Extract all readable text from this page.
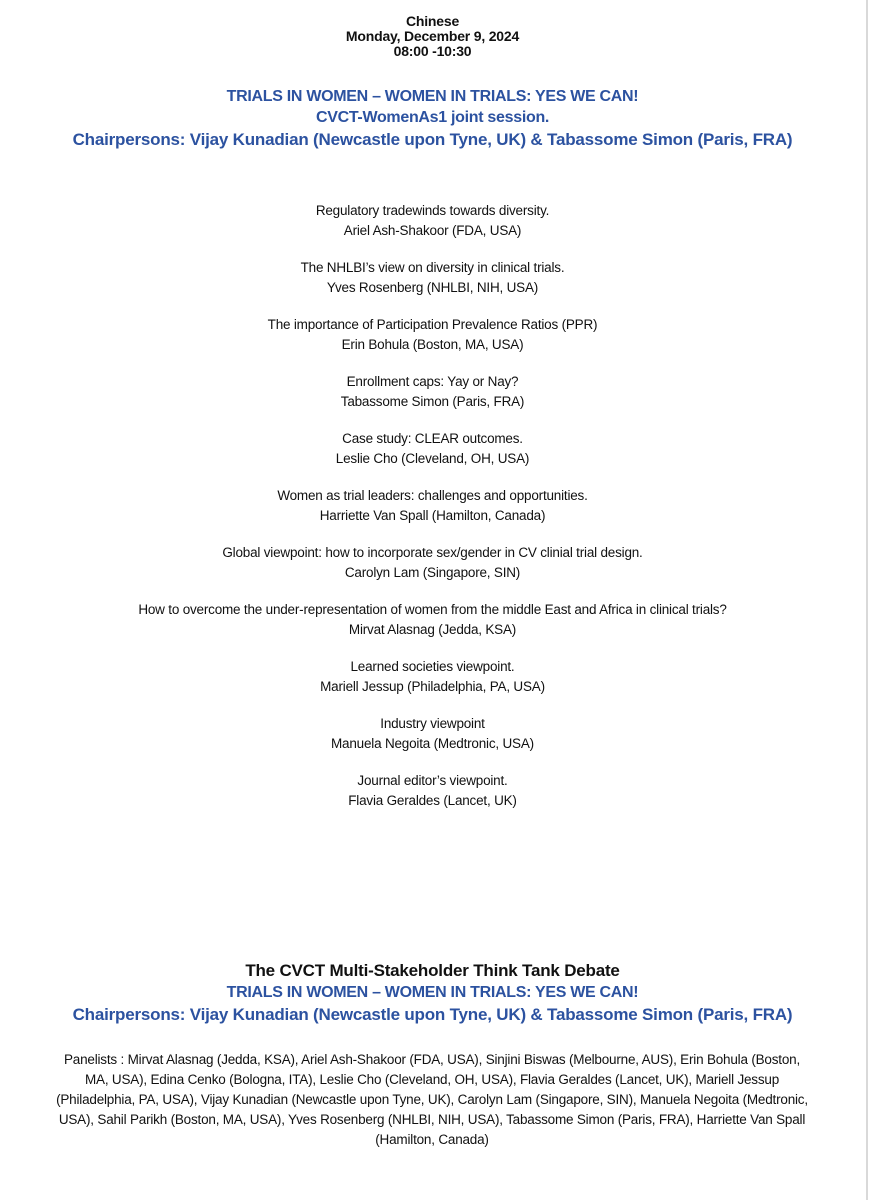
Chinese
Monday, December 9, 2024
08:00 -10:30
TRIALS IN WOMEN – WOMEN IN TRIALS: YES WE CAN!
CVCT-WomenAs1 joint session.
Chairpersons: Vijay Kunadian (Newcastle upon Tyne, UK) & Tabassome Simon (Paris, FRA)
Regulatory tradewinds towards diversity.
Ariel Ash-Shakoor (FDA, USA)
The NHLBI’s view on diversity in clinical trials.
Yves Rosenberg (NHLBI, NIH, USA)
The importance of Participation Prevalence Ratios (PPR)
Erin Bohula (Boston, MA, USA)
Enrollment caps: Yay or Nay?
Tabassome Simon (Paris, FRA)
Case study: CLEAR outcomes.
Leslie Cho (Cleveland, OH, USA)
Women as trial leaders: challenges and opportunities.
Harriette Van Spall (Hamilton, Canada)
Global viewpoint: how to incorporate sex/gender in CV clinial trial design.
Carolyn Lam (Singapore, SIN)
How to overcome the under-representation of women from the middle East and Africa in clinical trials?
Mirvat Alasnag (Jedda, KSA)
Learned societies viewpoint.
Mariell Jessup (Philadelphia, PA, USA)
Industry viewpoint
Manuela Negoita (Medtronic, USA)
Journal editor’s viewpoint.
Flavia Geraldes (Lancet, UK)
The CVCT Multi-Stakeholder Think Tank Debate
TRIALS IN WOMEN – WOMEN IN TRIALS: YES WE CAN!
Chairpersons: Vijay Kunadian (Newcastle upon Tyne, UK) & Tabassome Simon (Paris, FRA)
Panelists : Mirvat Alasnag (Jedda, KSA), Ariel Ash-Shakoor (FDA, USA), Sinjini Biswas (Melbourne, AUS), Erin Bohula (Boston, MA, USA), Edina Cenko (Bologna, ITA), Leslie Cho (Cleveland, OH, USA), Flavia Geraldes (Lancet, UK), Mariell Jessup (Philadelphia, PA, USA), Vijay Kunadian (Newcastle upon Tyne, UK), Carolyn Lam (Singapore, SIN), Manuela Negoita (Medtronic, USA), Sahil Parikh (Boston, MA, USA), Yves Rosenberg (NHLBI, NIH, USA), Tabassome Simon (Paris, FRA), Harriette Van Spall (Hamilton, Canada)
